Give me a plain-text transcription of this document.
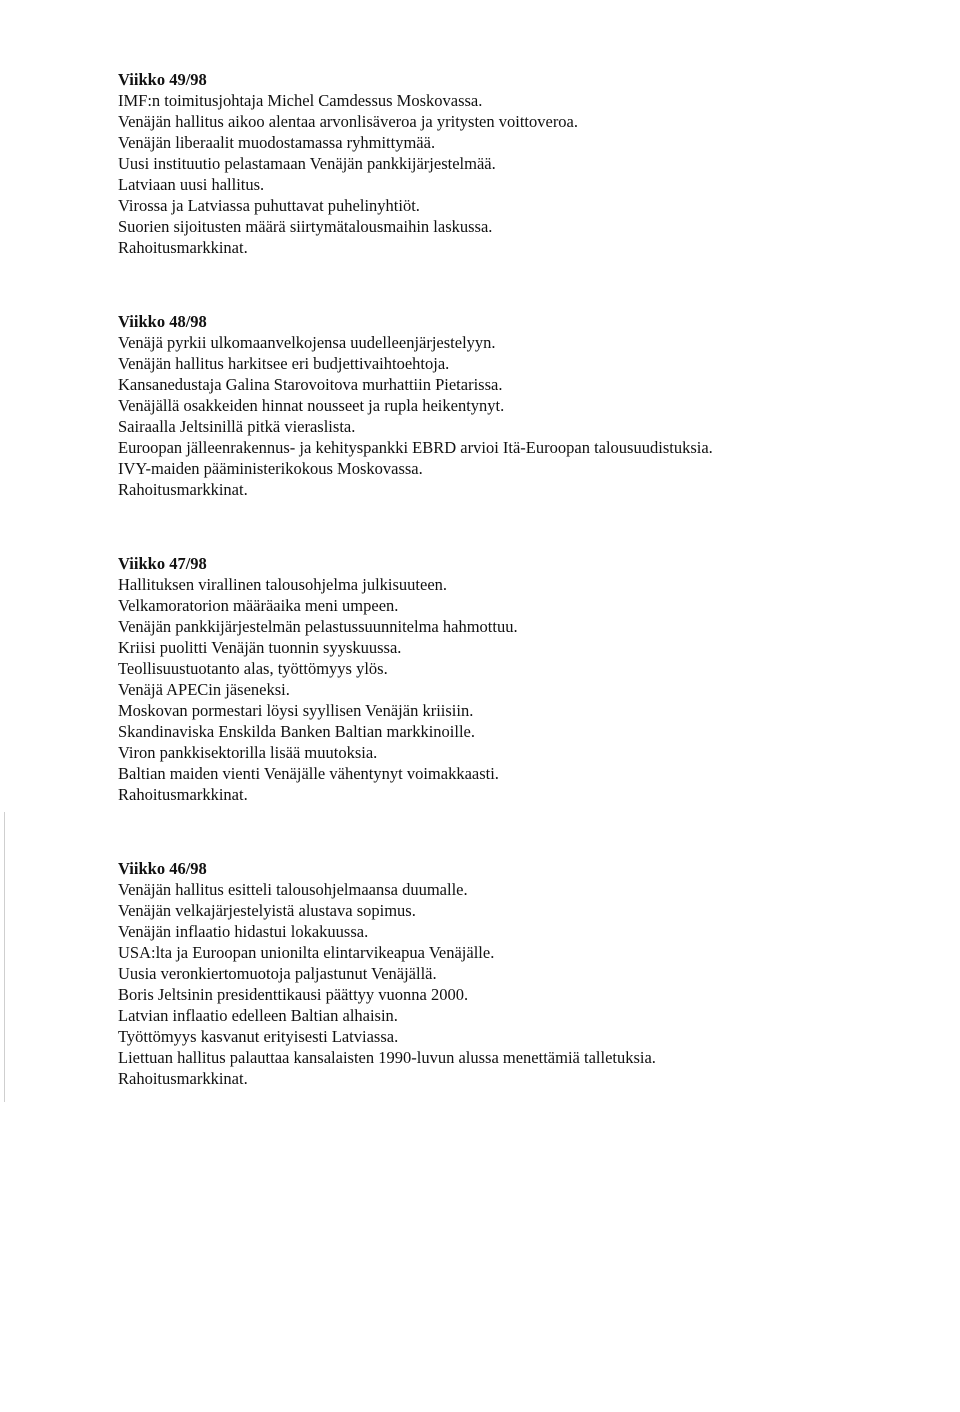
Viikko 49/98
IMF:n toimitusjohtaja Michel Camdessus Moskovassa.
Venäjän hallitus aikoo alentaa arvonlisäveroa ja yritysten voittoveroa.
Venäjän liberaalit muodostamassa ryhmittymää.
Uusi instituutio pelastamaan Venäjän pankkijärjestelmää.
Latviaan uusi hallitus.
Virossa ja Latviassa puhuttavat puhelinyhtiöt.
Suorien sijoitusten määrä siirtymätalousmaihin laskussa.
Rahoitusmarkkinat.
Viikko 48/98
Venäjä pyrkii ulkomaanvelkojensa uudelleenjärjestelyyn.
Venäjän hallitus harkitsee eri budjettivaihtoehtoja.
Kansanedustaja Galina Starovoitova murhattiin Pietarissa.
Venäjällä osakkeiden hinnat nousseet ja rupla heikentynyt.
Sairaalla Jeltsinillä pitkä vieraslista.
Euroopan jälleenrakennus- ja kehityspankki EBRD arvioi Itä-Euroopan talousuudistuksia.
IVY-maiden pääministerikokous Moskovassa.
Rahoitusmarkkinat.
Viikko 47/98
Hallituksen virallinen talousohjelma julkisuuteen.
Velkamoratorion määräaika meni umpeen.
Venäjän pankkijärjestelmän pelastussuunnitelma hahmottuu.
Kriisi puolitti Venäjän tuonnin syyskuussa.
Teollisuustuotanto alas, työttömyys ylös.
Venäjä APECin jäseneksi.
Moskovan pormestari löysi syyllisen Venäjän kriisiin.
Skandinaviska Enskilda Banken Baltian markkinoille.
Viron pankkisektorilla lisää muutoksia.
Baltian maiden vienti Venäjälle vähentynyt voimakkaasti.
Rahoitusmarkkinat.
Viikko 46/98
Venäjän hallitus esitteli talousohjelmaansa duumalle.
Venäjän velkajärjestelyistä alustava sopimus.
Venäjän inflaatio hidastui lokakuussa.
USA:lta ja Euroopan unionilta elintarvikeapua Venäjälle.
Uusia veronkiertomuotoja paljastunut Venäjällä.
Boris Jeltsinin presidenttikausi päättyy vuonna 2000.
Latvian inflaatio edelleen Baltian alhaisin.
Työttömyys kasvanut erityisesti Latviassa.
Liettuan hallitus palauttaa kansalaisten 1990-luvun alussa menettämiä talletuksia.
Rahoitusmarkkinat.
